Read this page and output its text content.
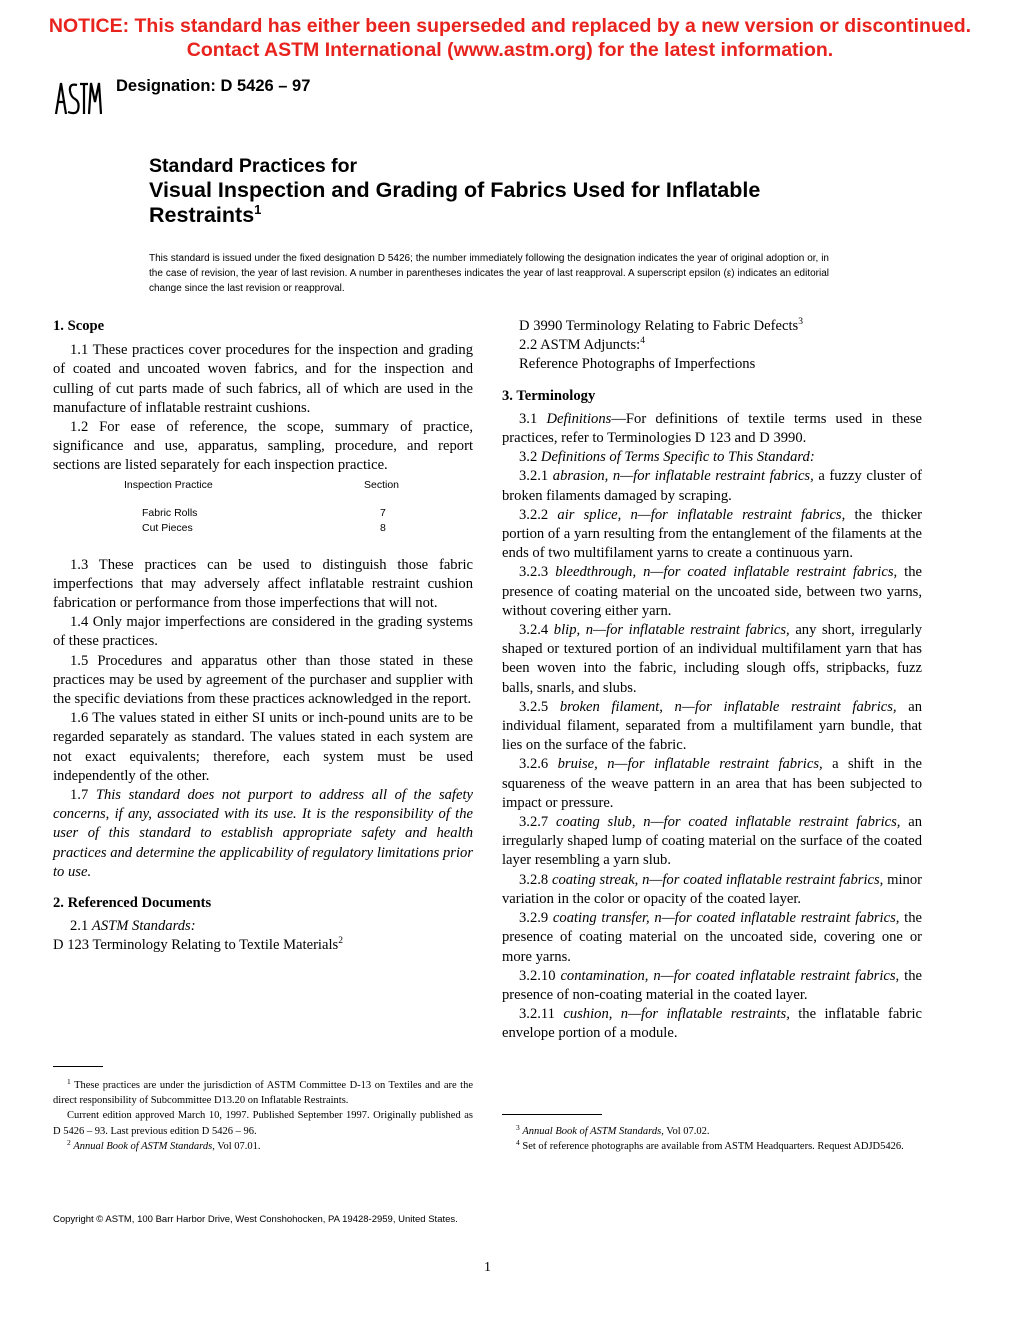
NOTICE: This standard has either been superseded and replaced by a new version or discontinued.
Contact ASTM International (www.astm.org) for the latest information.
Designation: D 5426 – 97
Standard Practices for
Visual Inspection and Grading of Fabrics Used for Inflatable Restraints$^1$
This standard is issued under the fixed designation D 5426; the number immediately following the designation indicates the year of original adoption or, in the case of revision, the year of last revision. A number in parentheses indicates the year of last reapproval. A superscript epsilon (ε) indicates an editorial change since the last revision or reapproval.
1. Scope

1.1 These practices cover procedures for the inspection and grading of coated and uncoated woven fabrics, and for the inspection and culling of cut parts made of such fabrics, all of which are used in the manufacture of inflatable restraint cushions.

1.2 For ease of reference, the scope, summary of practice, significance and use, apparatus, sampling, procedure, and report sections are listed separately for each inspection practice.

Inspection Practice	Section
Fabric Rolls	7
Cut Pieces	8

1.3 These practices can be used to distinguish those fabric imperfections that may adversely affect inflatable restraint cushion fabrication or performance from those imperfections that will not.

1.4 Only major imperfections are considered in the grading systems of these practices.

1.5 Procedures and apparatus other than those stated in these practices may be used by agreement of the purchaser and supplier with the specific deviations from these practices acknowledged in the report.

1.6 The values stated in either SI units or inch-pound units are to be regarded separately as standard. The values stated in each system are not exact equivalents; therefore, each system must be used independently of the other.

1.7 This standard does not purport to address all of the safety concerns, if any, associated with its use. It is the responsibility of the user of this standard to establish appropriate safety and health practices and determine the applicability of regulatory limitations prior to use.

2. Referenced Documents

2.1 ASTM Standards:

D 123 Terminology Relating to Textile Materials$^2$

D 3990 Terminology Relating to Fabric Defects$^3$

2.2 ASTM Adjuncts:$^4$

Reference Photographs of Imperfections

3. Terminology

3.1 Definitions—For definitions of textile terms used in these practices, refer to Terminologies D 123 and D 3990.

3.2 Definitions of Terms Specific to This Standard:

3.2.1 abrasion, n—for inflatable restraint fabrics, a fuzzy cluster of broken filaments damaged by scraping.

3.2.2 air splice, n—for inflatable restraint fabrics, the thicker portion of a yarn resulting from the entanglement of the filaments at the ends of two multifilament yarns to create a continuous yarn.

3.2.3 bleedthrough, n—for coated inflatable restraint fabrics, the presence of coating material on the uncoated side, between two yarns, without covering either yarn.

3.2.4 blip, n—for inflatable restraint fabrics, any short, irregularly shaped or textured portion of an individual multifilament yarn that has been woven into the fabric, including slough offs, stripbacks, fuzz balls, snarls, and slubs.

3.2.5 broken filament, n—for inflatable restraint fabrics, an individual filament, separated from a multifilament yarn bundle, that lies on the surface of the fabric.

3.2.6 bruise, n—for inflatable restraint fabrics, a shift in the squareness of the weave pattern in an area that has been subjected to impact or pressure.

3.2.7 coating slub, n—for coated inflatable restraint fabrics, an irregularly shaped lump of coating material on the surface of the coated layer resembling a yarn slub.

3.2.8 coating streak, n—for coated inflatable restraint fabrics, minor variation in the color or opacity of the coated layer.

3.2.9 coating transfer, n—for coated inflatable restraint fabrics, the presence of coating material on the uncoated side, covering one or more yarns.

3.2.10 contamination, n—for coated inflatable restraint fabrics, the presence of non-coating material in the coated layer.

3.2.11 cushion, n—for inflatable restraints, the inflatable fabric envelope portion of a module.

$^1$ These practices are under the jurisdiction of ASTM Committee D-13 on Textiles and are the direct responsibility of Subcommittee D13.20 on Inflatable Restraints.

Current edition approved March 10, 1997. Published September 1997. Originally published as D 5426 – 93. Last previous edition D 5426 – 96.

$^2$ Annual Book of ASTM Standards, Vol 07.01.

$^3$ Annual Book of ASTM Standards, Vol 07.02.

$^4$ Set of reference photographs are available from ASTM Headquarters. Request ADJD5426.

Copyright © ASTM, 100 Barr Harbor Drive, West Conshohocken, PA 19428-2959, United States.
1
